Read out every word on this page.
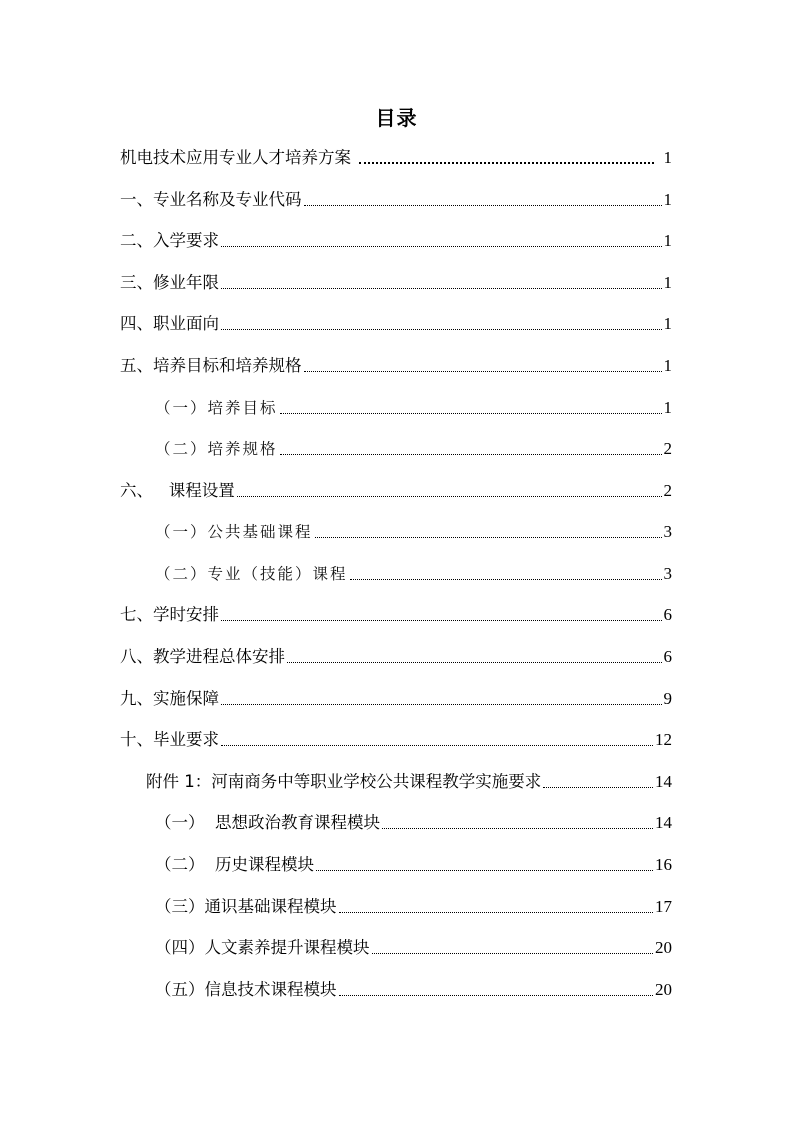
目录
机电技术应用专业人才培养方案	1
一、专业名称及专业代码	1
二、入学要求	1
三、修业年限	1
四、职业面向	1
五、培养目标和培养规格	1
（一）培养目标	1
（二）培养规格	2
六、   课程设置	2
（一）公共基础课程	3
（二）专业（技能）课程	3
七、学时安排	6
八、教学进程总体安排	6
九、实施保障	9
十、毕业要求	12
附件 1：河南商务中等职业学校公共课程教学实施要求	14
（一）  思想政治教育课程模块	14
（二）  历史课程模块	16
（三）通识基础课程模块	17
（四）人文素养提升课程模块	20
（五）信息技术课程模块	20
